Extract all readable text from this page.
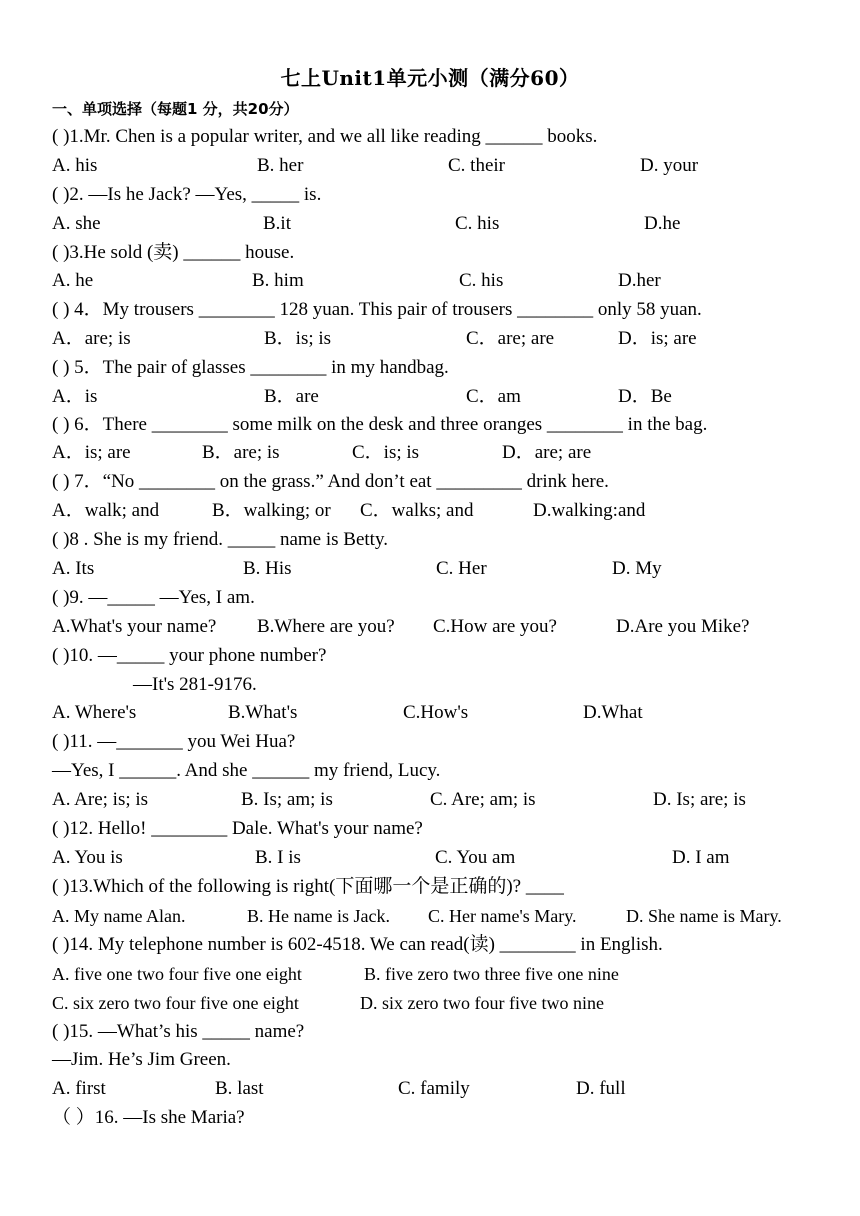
七上Unit1单元小测（满分60）
一、单项选择（每题1 分，共20分）
( )1.Mr. Chen is a popular writer, and we all like reading ______ books.
A. his	B. her	C. their	D. your
( )2. —Is he Jack? —Yes, _____ is.
A. she	B.it	C. his	D.he
( )3.He sold (卖) ______ house.
A. he	B. him	C. his	D.her
( ) 4．My trousers ________ 128 yuan. This pair of trousers ________ only 58 yuan.
A．are; is	B．is; is	C．are; are	D．is; are
( ) 5．The pair of glasses ________ in my handbag.
A．is	B．are	C．am	D．Be
( ) 6．There ________ some milk on the desk and three oranges ________ in the bag.
A．is; are	B．are; is	C．is; is	D．are; are
( ) 7．“No ________ on the grass.” And don’t eat _________ drink here.
A．walk; and	B．walking; or C．walks; and	D.walking:and
( )8 . She is my friend. _____ name is Betty.
A. Its	B. His	C. Her	D. My
( )9. —_____ —Yes, I am.
A.What's your name? B.Where are you? C.How are you?	D.Are you Mike?
( )10. —_____ your phone number?
—It's 281-9176.
A. Where's	B.What's	C.How's	D.What
( )11. —_______ you Wei Hua?
—Yes, I ______. And she ______ my friend, Lucy.
A. Are; is; is	B. Is; am; is	C. Are; am; is	D. Is; are; is
( )12. Hello! ________ Dale. What's your name?
A. You is	B. I is	C. You am	D. I am
( )13.Which of the following is right(下面哪一个是正确的)? ____
A. My name Alan.	B. He name is Jack. C. Her name's Mary.	D. She name is Mary.
( )14. My telephone number is 602-4518. We can read(读) ________ in English.
A. five one two four five one eight	B. five zero two three five one nine
C. six zero two four five one eight	D. six zero two four five two nine
( )15. —What’s his _____ name?
—Jim. He’s Jim Green.
A. first	B. last	C. family	D. full
（ ）16. —Is she Maria?
